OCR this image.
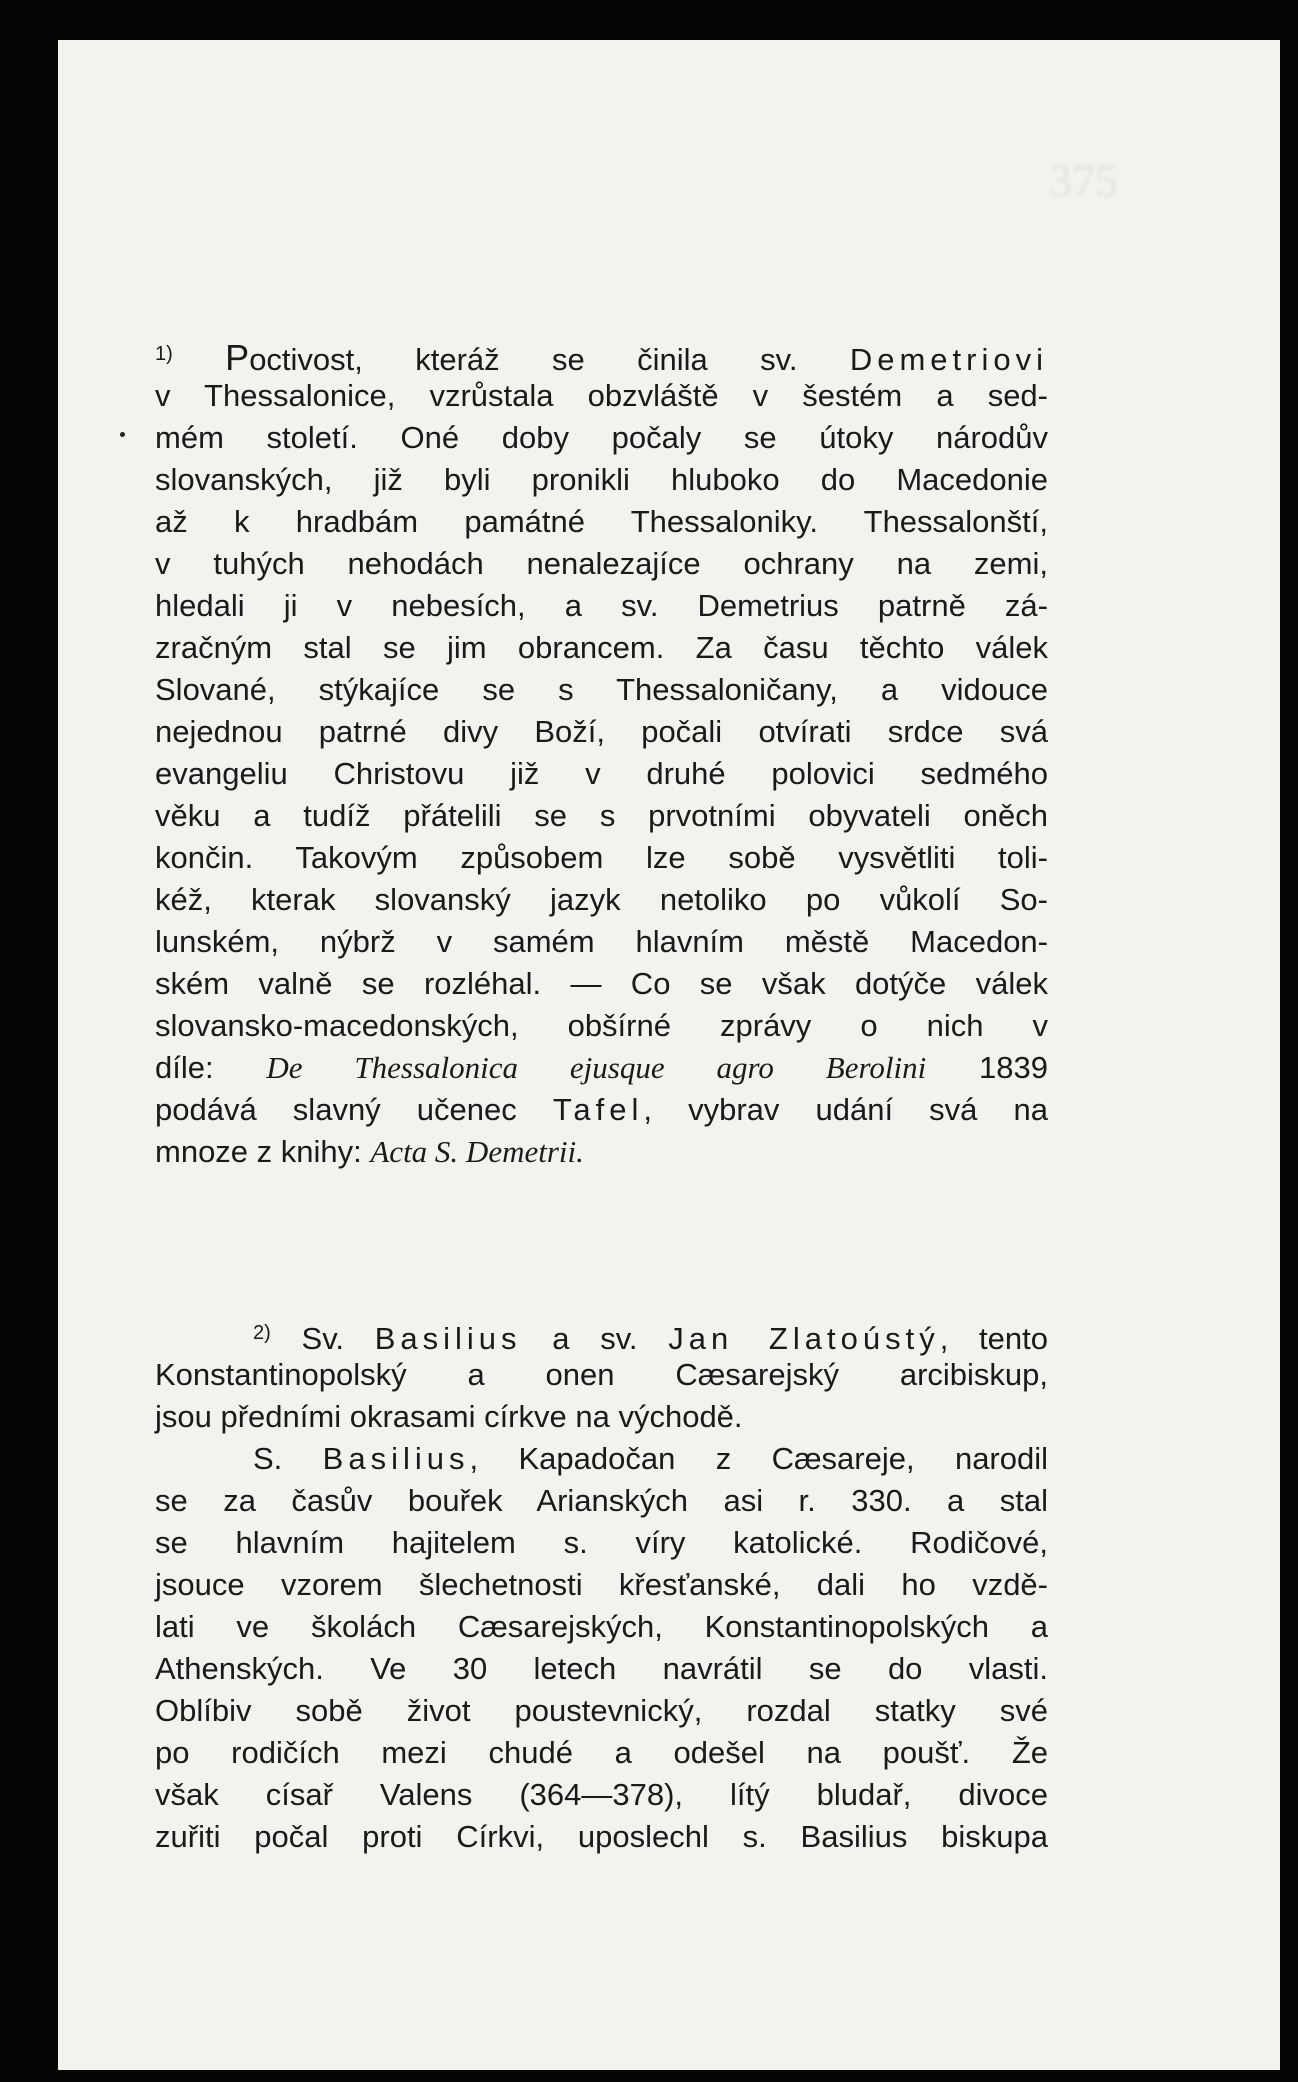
375
$^{1)}$ Poctivost, kteráž se činila sv. Demetriovi
v Thessalonice, vzrůstala obzvláště v šestém a sed-
mém století. Oné doby počaly se útoky národův
slovanských, již byli pronikli hluboko do Macedonie
až k hradbám památné Thessaloniky. Thessalonští,
v tuhých nehodách nenalezajíce ochrany na zemi,
hledali ji v nebesích, a sv. Demetrius patrně zá-
zračným stal se jim obrancem. Za času těchto válek
Slované, stýkajíce se s Thessaloničany, a vidouce
nejednou patrné divy Boží, počali otvírati srdce svá
evangeliu Christovu již v druhé polovici sedmého
věku a tudíž přátelili se s prvotními obyvateli oněch
končin. Takovým způsobem lze sobě vysvětliti toli-
kéž, kterak slovanský jazyk netoliko po vůkolí So-
lunském, nýbrž v samém hlavním městě Macedon-
ském valně se rozléhal. — Co se však dotýče válek
slovansko-macedonských, obšírné zprávy o nich v
díle: De Thessalonica ejusque agro Berolini 1839
podává slavný učenec Tafel, vybrav udání svá na
mnoze z knihy: Acta S. Demetrii.
$^{2)}$ Sv. Basilius a sv. Jan Zlatoústý, tento
Konstantinopolský a onen Cæsarejský arcibiskup,
jsou předními okrasami církve na východě.
S. Basilius, Kapadočan z Cæsareje, narodil
se za časův bouřek Arianských asi r. 330. a stal
se hlavním hajitelem s. víry katolické. Rodičové,
jsouce vzorem šlechetnosti křesťanské, dali ho vzdě-
lati ve školách Cæsarejských, Konstantinopolských a
Athenských. Ve 30 letech navrátil se do vlasti.
Oblíbiv sobě život poustevnický, rozdal statky své
po rodičích mezi chudé a odešel na poušť. Že
však císař Valens (364—378), lítý bludař, divoce
zuřiti počal proti Církvi, uposlechl s. Basilius biskupa
